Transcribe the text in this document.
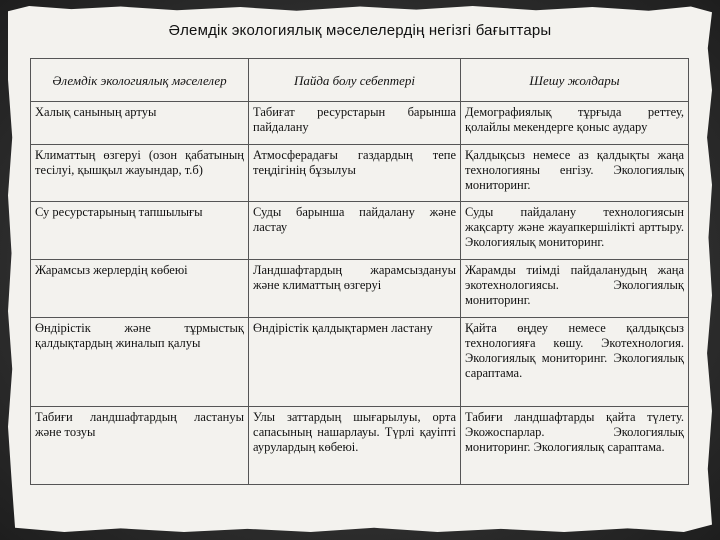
Әлемдік экологиялық мәселелердің негізгі бағыттары
Әлемдік экологиялық мәселелер	Пайда болу себептері	Шешу жолдары
Халық санының артуы	Табиғат ресурстарын барынша пайдалану	Демографиялық тұрғыда реттеу, қолайлы мекендерге қоныс аудару
Климаттың өзгеруі (озон қабатының тесілуі, қышқыл жауындар, т.б)	Атмосферадағы газдардың тепе теңдігінің бұзылуы	Қалдықсыз немесе аз қалдықты жаңа технологияны енгізу. Экологиялық мониторинг.
Су ресурстарының тапшылығы	Суды барынша пайдалану және ластау	Суды пайдалану технологиясын жақсарту және жауапкершілікті арттыру. Экологиялық мониторинг.
Жарамсыз жерлердің көбеюі	Ландшафтардың жарамсыздануы және климаттың өзгеруі	Жарамды тиімді пайдаланудың жаңа экотехнологиясы. Экологиялық мониторинг.
Өндірістік және тұрмыстық қалдықтардың жиналып қалуы	Өндірістік қалдықтармен ластану	Қайта өңдеу немесе қалдықсыз технологияға көшу. Экотехнология. Экологиялық мониторинг. Экологиялық сараптама.
Табиғи ландшафтардың ластануы және тозуы	Улы заттардың шығарылуы, орта сапасының нашарлауы. Түрлі қауіпті аурулардың көбеюі.	Табиғи ландшафтарды қайта түлету. Экожоспарлар. Экологиялық мониторинг. Экологиялық сараптама.
